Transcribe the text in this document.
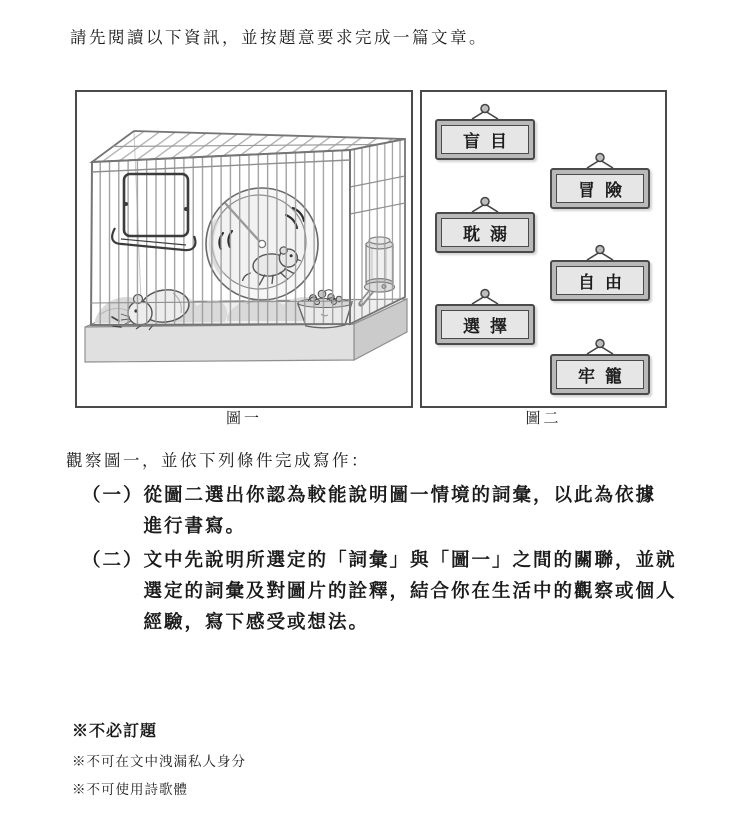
請先閱讀以下資訊，並按題意要求完成一篇文章。

盲目
耽溺
選擇
冒險
自由
牢籠
圖一	圖二

觀察圖一，並依下列條件完成寫作：

（一） 從圖二選出你認為較能說明圖一情境的詞彙，以此為依據
進行書寫。
（二） 文中先說明所選定的「詞彙」與「圖一」之間的關聯，並就
選定的詞彙及對圖片的詮釋，結合你在生活中的觀察或個人
經驗，寫下感受或想法。
※不必訂題
※不可在文中洩漏私人身分
※不可使用詩歌體
